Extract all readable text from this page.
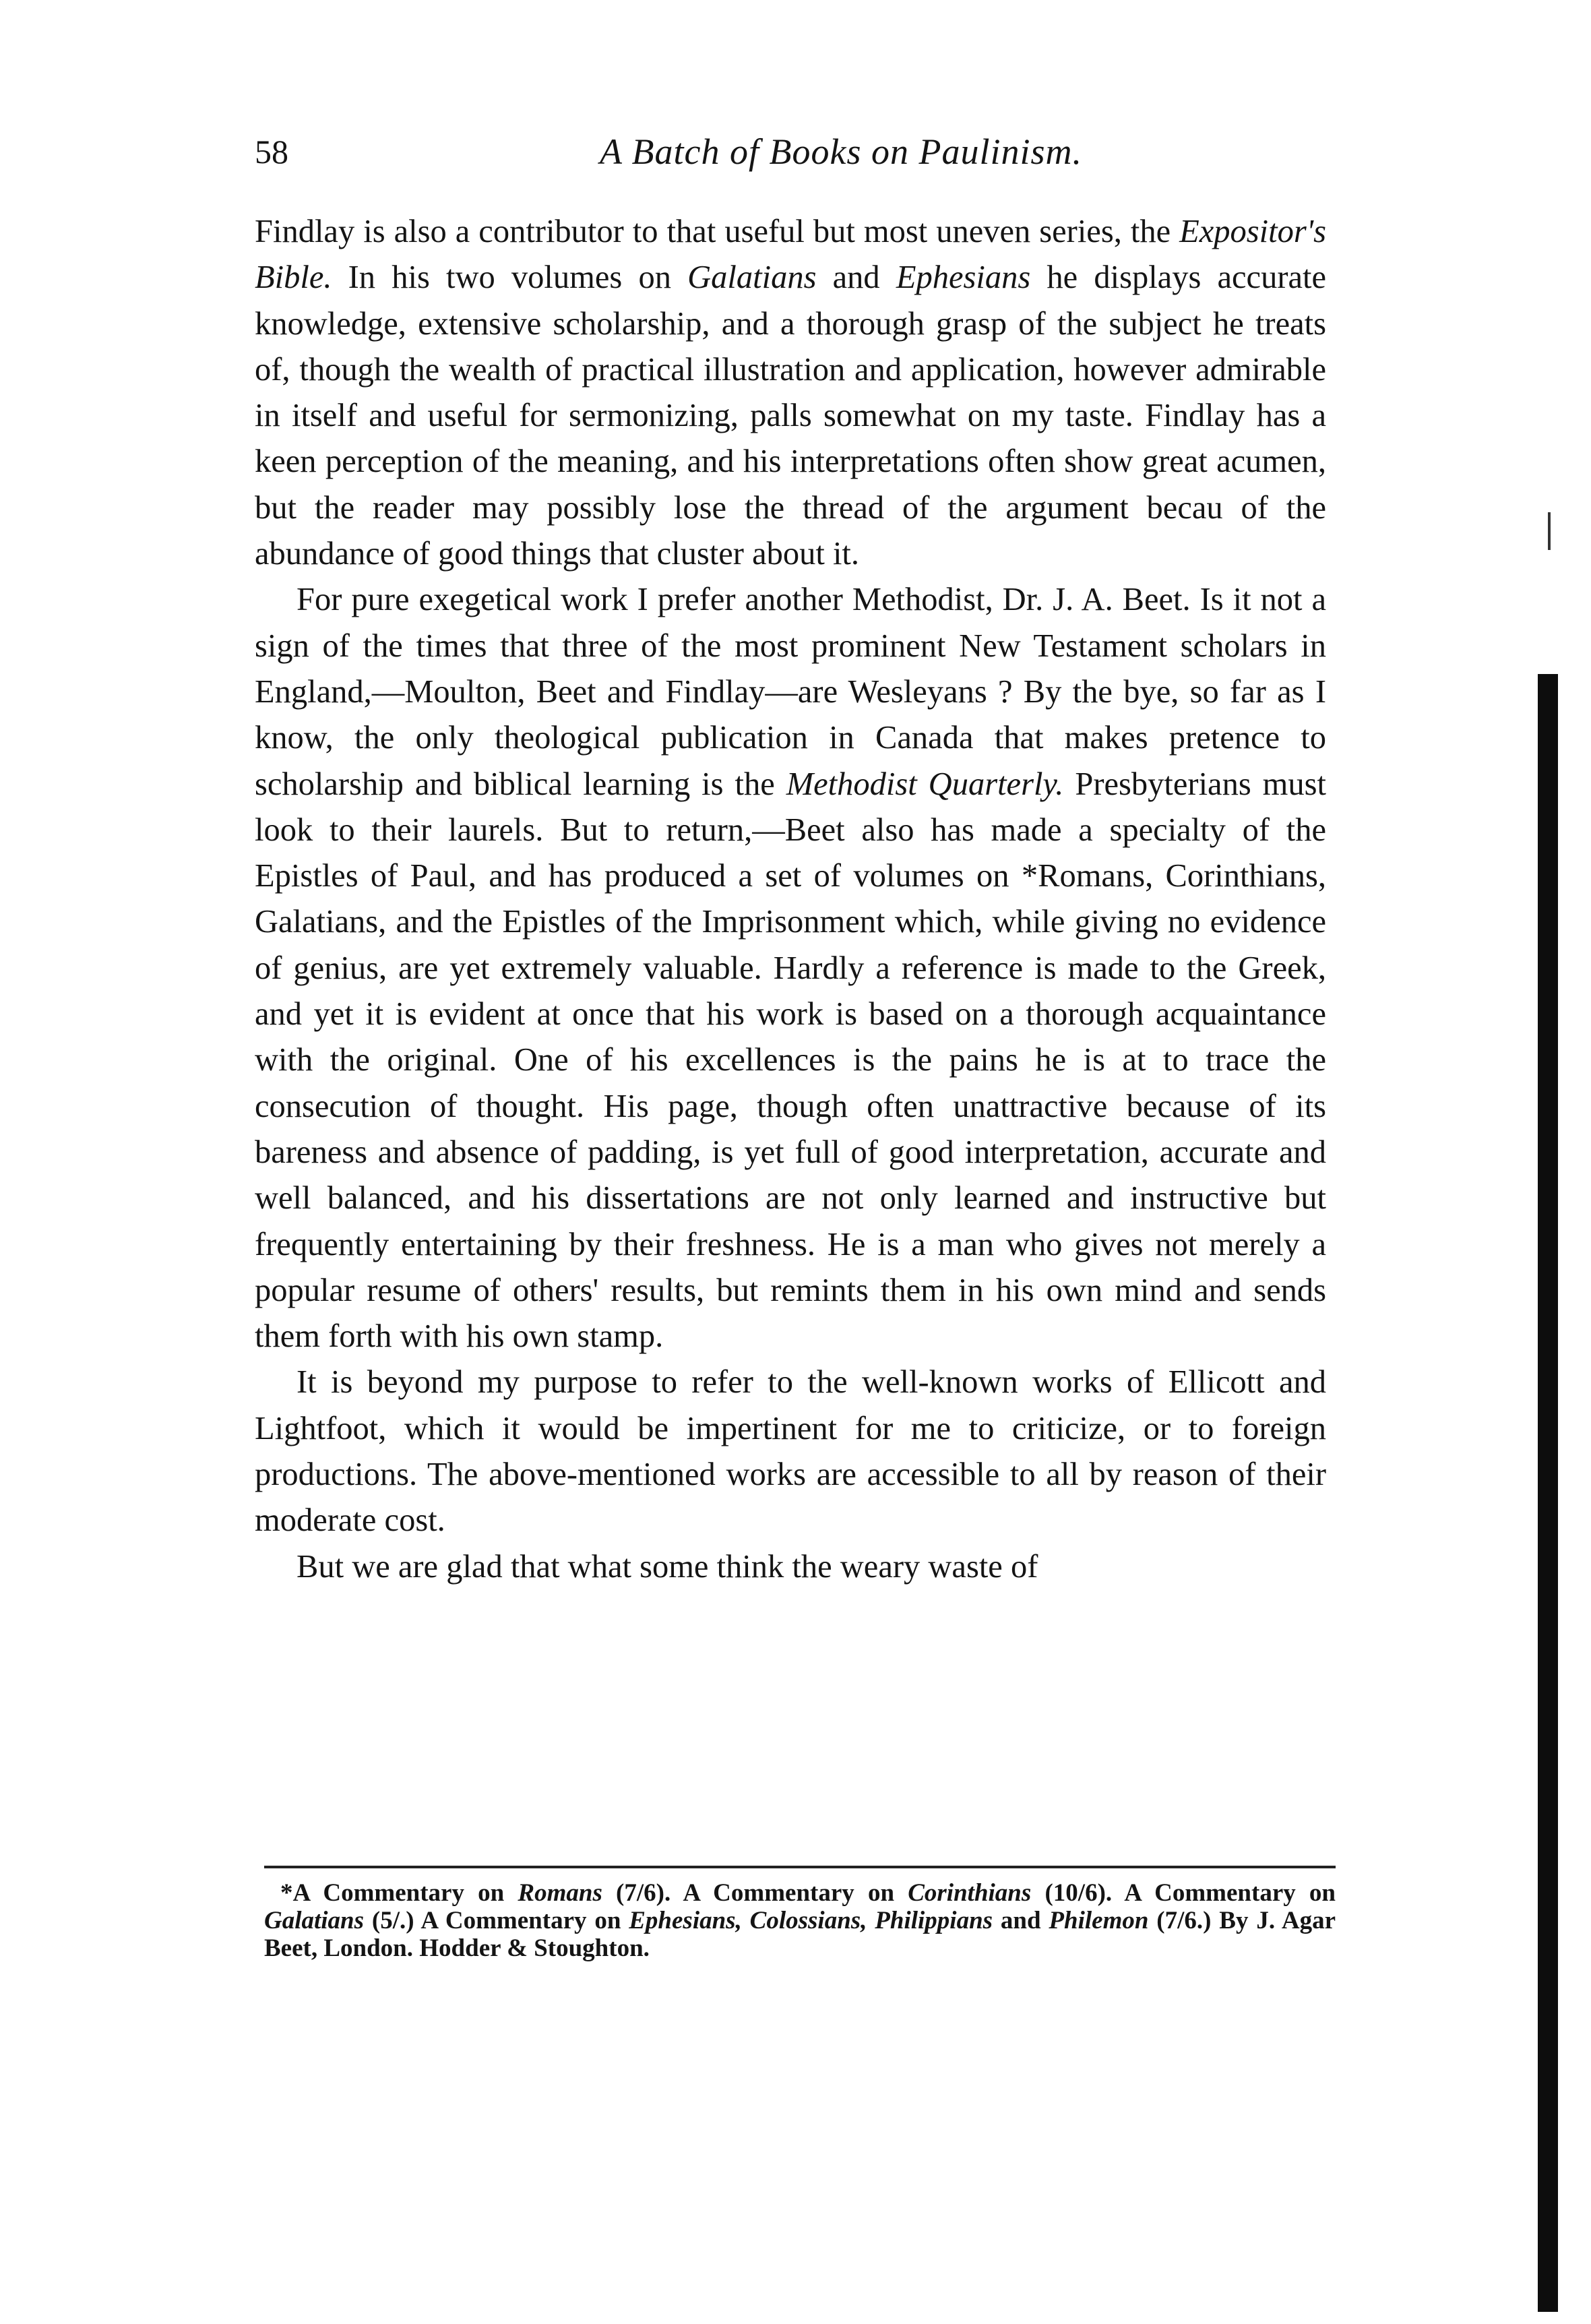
58	A Batch of Books on Paulinism.

Findlay is also a contributor to that useful but most uneven series, the Expositor's Bible. In his two volumes on Galatians and Ephesians he displays accurate knowledge, extensive scholarship, and a thorough grasp of the subject he treats of, though the wealth of practical illustration and application, however admirable in itself and useful for sermonizing, palls somewhat on my taste. Findlay has a keen perception of the meaning, and his interpretations often show great acumen, but the reader may possibly lose the thread of the argument becau of the abundance of good things that cluster about it.

For pure exegetical work I prefer another Methodist, Dr. J. A. Beet. Is it not a sign of the times that three of the most prominent New Testament scholars in England,—Moulton, Beet and Findlay—are Wesleyans ? By the bye, so far as I know, the only theological publication in Canada that makes pretence to scholarship and biblical learning is the Methodist Quarterly. Presbyterians must look to their laurels. But to return,—Beet also has made a specialty of the Epistles of Paul, and has produced a set of volumes on *Romans, Corinthians, Galatians, and the Epistles of the Imprisonment which, while giving no evidence of genius, are yet extremely valuable. Hardly a reference is made to the Greek, and yet it is evident at once that his work is based on a thorough acquaintance with the original. One of his excellences is the pains he is at to trace the consecution of thought. His page, though often unattractive because of its bareness and absence of padding, is yet full of good interpretation, accurate and well balanced, and his dissertations are not only learned and instructive but frequently entertaining by their freshness. He is a man who gives not merely a popular resume of others' results, but remints them in his own mind and sends them forth with his own stamp.

It is beyond my purpose to refer to the well-known works of Ellicott and Lightfoot, which it would be impertinent for me to criticize, or to foreign productions. The above-mentioned works are accessible to all by reason of their moderate cost.

But we are glad that what some think the weary waste of

*A Commentary on Romans (7/6). A Commentary on Corinthians (10/6). A Commentary on Galatians (5/.) A Commentary on Ephesians, Colossians, Philippians and Philemon (7/6.) By J. Agar Beet, London. Hodder & Stoughton.
